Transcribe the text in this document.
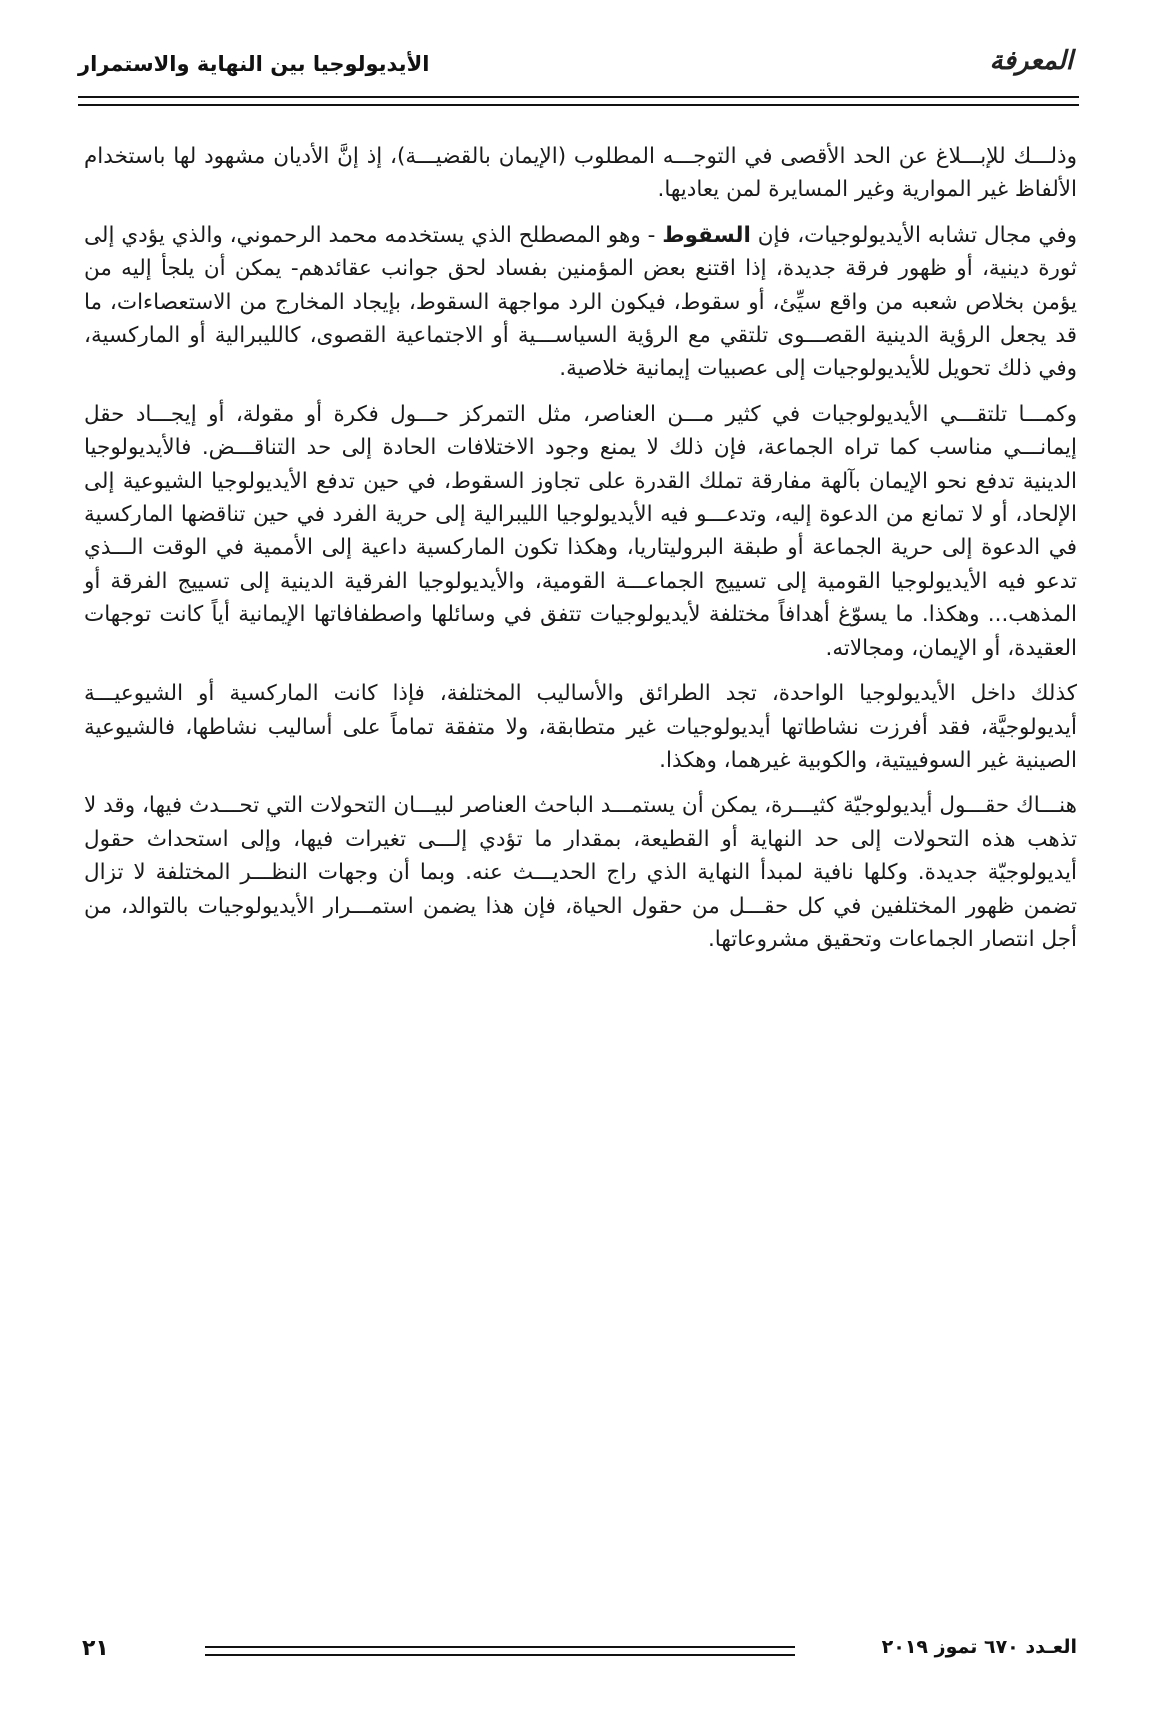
المعرفة
الأيديولوجيا بين النهاية والاستمرار

وذلـــك للإبـــلاغ عن الحد الأقصى في التوجـــه المطلوب (الإيمان بالقضيـــة)، إذ إنَّ الأديان مشهود لها باستخدام الألفاظ غير الموارية وغير المسايرة لمن يعاديها.

وفي مجال تشابه الأيديولوجيات، فإن السقوط - وهو المصطلح الذي يستخدمه محمد الرحموني، والذي يؤدي إلى ثورة دينية، أو ظهور فرقة جديدة، إذا اقتنع بعض المؤمنين بفساد لحق جوانب عقائدهم- يمكن أن يلجأ إليه من يؤمن بخلاص شعبه من واقع سيِّئ، أو سقوط، فيكون الرد مواجهة السقوط، بإيجاد المخارج من الاستعصاءات، ما قد يجعل الرؤية الدينية القصـــوى تلتقي مع الرؤية السياســـية أو الاجتماعية القصوى، كالليبرالية أو الماركسية، وفي ذلك تحويل للأيديولوجيات إلى عصبيات إيمانية خلاصية.

وكمـــا تلتقـــي الأيديولوجيات في كثير مـــن العناصر، مثل التمركز حـــول فكرة أو مقولة، أو إيجـــاد حقل إيمانـــي مناسب كما تراه الجماعة، فإن ذلك لا يمنع وجود الاختلافات الحادة إلى حد التناقـــض. فالأيديولوجيا الدينية تدفع نحو الإيمان بآلهة مفارقة تملك القدرة على تجاوز السقوط، في حين تدفع الأيديولوجيا الشيوعية إلى الإلحاد، أو لا تمانع من الدعوة إليه، وتدعـــو فيه الأيديولوجيا الليبرالية إلى حرية الفرد في حين تناقضها الماركسية في الدعوة إلى حرية الجماعة أو طبقة البروليتاريا، وهكذا تكون الماركسية داعية إلى الأممية في الوقت الـــذي تدعو فيه الأيديولوجيا القومية إلى تسييج الجماعـــة القومية، والأيديولوجيا الفرقية الدينية إلى تسييج الفرقة أو المذهب... وهكذا. ما يسوّغ أهدافاً مختلفة لأيديولوجيات تتفق في وسائلها واصطفافاتها الإيمانية أياً كانت توجهات العقيدة، أو الإيمان، ومجالاته.

كذلك داخل الأيديولوجيا الواحدة، تجد الطرائق والأساليب المختلفة، فإذا كانت الماركسية أو الشيوعيـــة أيديولوجيَّة، فقد أفرزت نشاطاتها أيديولوجيات غير متطابقة، ولا متفقة تماماً على أساليب نشاطها، فالشيوعية الصينية غير السوفييتية، والكوبية غيرهما، وهكذا.

هنـــاك حقـــول أيديولوجيّة كثيـــرة، يمكن أن يستمـــد الباحث العناصر لبيـــان التحولات التي تحـــدث فيها، وقد لا تذهب هذه التحولات إلى حد النهاية أو القطيعة، بمقدار ما تؤدي إلـــى تغيرات فيها، وإلى استحداث حقول أيديولوجيّة جديدة. وكلها نافية لمبدأ النهاية الذي راج الحديـــث عنه. وبما أن وجهات النظـــر المختلفة لا تزال تضمن ظهور المختلفين في كل حقـــل من حقول الحياة، فإن هذا يضمن استمـــرار الأيديولوجيات بالتوالد، من أجل انتصار الجماعات وتحقيق مشروعاتها.

العـدد ٦٧٠ تموز ٢٠١٩
٢١
